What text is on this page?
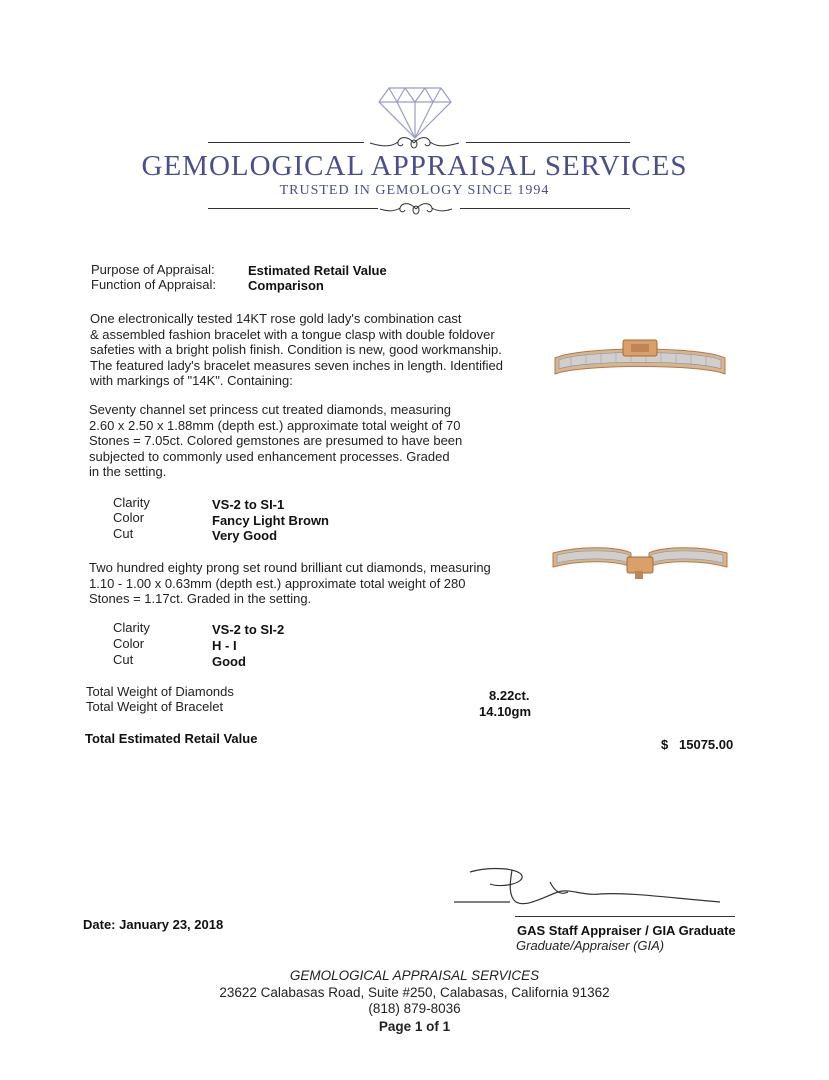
GEMOLOGICAL APPRAISAL SERVICES
TRUSTED IN GEMOLOGY SINCE 1994
Purpose of Appraisal:	Estimated Retail Value
Function of Appraisal: Comparison
One electronically tested 14KT rose gold lady's combination cast
& assembled fashion bracelet with a tongue clasp with double foldover
safeties with a bright polish finish. Condition is new, good workmanship.
The featured lady's bracelet measures seven inches in length. Identified
with markings of "14K". Containing:
Seventy channel set princess cut treated diamonds, measuring
2.60 x 2.50 x 1.88mm (depth est.) approximate total weight of 70
Stones = 7.05ct. Colored gemstones are presumed to have been
subjected to commonly used enhancement processes. Graded
in the setting.
Clarity	VS-2 to SI-1
Color	Fancy Light Brown
Cut	Very Good
Two hundred eighty prong set round brilliant cut diamonds, measuring
1.10 - 1.00 x 0.63mm (depth est.) approximate total weight of 280
Stones = 1.17ct. Graded in the setting.
Clarity	VS-2 to SI-2
Color	H - I
Cut	Good
Total Weight of Diamonds	8.22ct.
Total Weight of Bracelet	14.10gm
Total Estimated Retail Value	$ 15075.00
Date: January 23, 2018	GAS Staff Appraiser / GIA Graduate
Graduate/Appraiser (GIA)
GEMOLOGICAL APPRAISAL SERVICES
23622 Calabasas Road, Suite #250, Calabasas, California 91362
(818) 879-8036
Page 1 of 1
